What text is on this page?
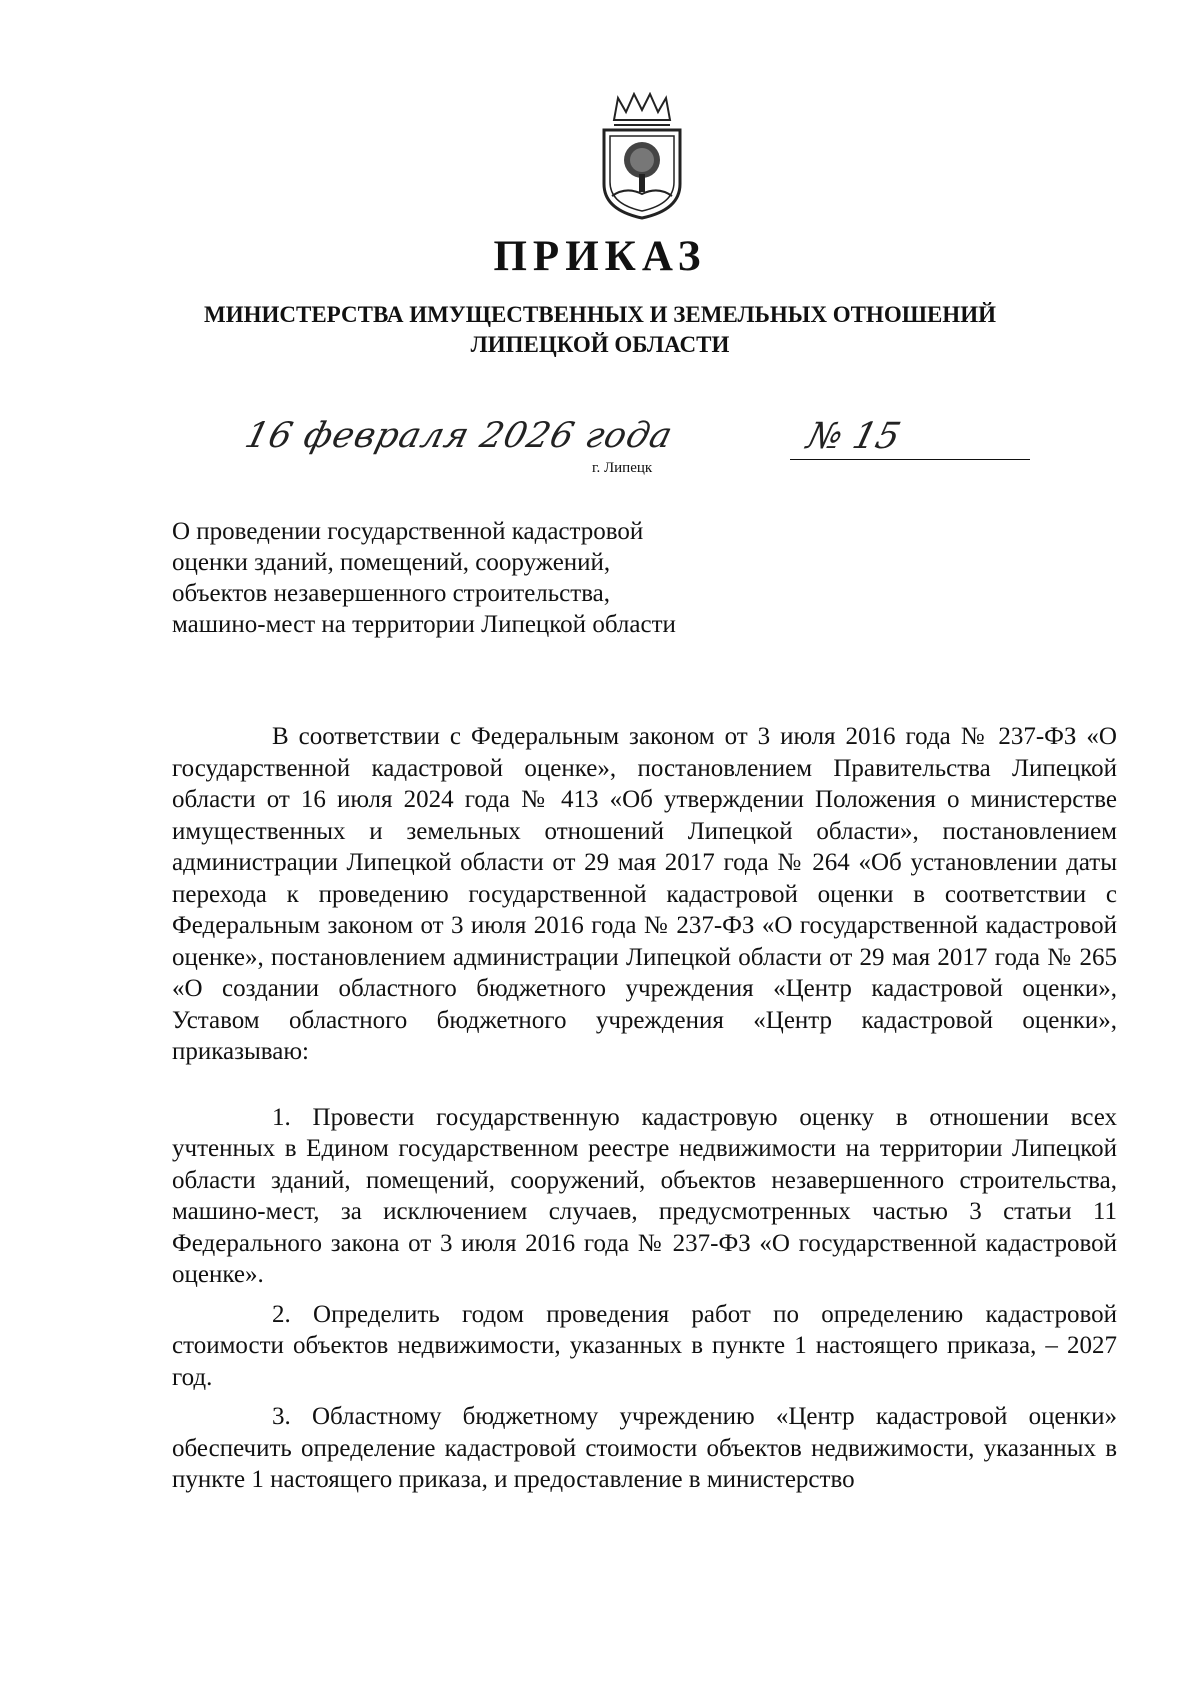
ПРИКАЗ
МИНИСТЕРСТВА ИМУЩЕСТВЕННЫХ И ЗЕМЕЛЬНЫХ ОТНОШЕНИЙ
ЛИПЕЦКОЙ ОБЛАСТИ
16 февраля 2026 года
г. Липецк
№ 15
О проведении государственной кадастровой
оценки зданий, помещений, сооружений,
объектов незавершенного строительства,
машино-мест на территории Липецкой области

В соответствии с Федеральным законом от 3 июля 2016 года № 237-ФЗ «О государственной кадастровой оценке», постановлением Правительства Липецкой области от 16 июля 2024 года № 413 «Об утверждении Положения о министерстве имущественных и земельных отношений Липецкой области», постановлением администрации Липецкой области от 29 мая 2017 года № 264 «Об установлении даты перехода к проведению государственной кадастровой оценки в соответствии с Федеральным законом от 3 июля 2016 года № 237-ФЗ «О государственной кадастровой оценке», постановлением администрации Липецкой области от 29 мая 2017 года № 265 «О создании областного бюджетного учреждения «Центр кадастровой оценки», Уставом областного бюджетного учреждения «Центр кадастровой оценки», приказываю:

1. Провести государственную кадастровую оценку в отношении всех учтенных в Едином государственном реестре недвижимости на территории Липецкой области зданий, помещений, сооружений, объектов незавершенного строительства, машино-мест, за исключением случаев, предусмотренных частью 3 статьи 11 Федерального закона от 3 июля 2016 года № 237-ФЗ «О государственной кадастровой оценке».

2. Определить годом проведения работ по определению кадастровой стоимости объектов недвижимости, указанных в пункте 1 настоящего приказа, – 2027 год.

3. Областному бюджетному учреждению «Центр кадастровой оценки» обеспечить определение кадастровой стоимости объектов недвижимости, указанных в пункте 1 настоящего приказа, и предоставление в министерство
